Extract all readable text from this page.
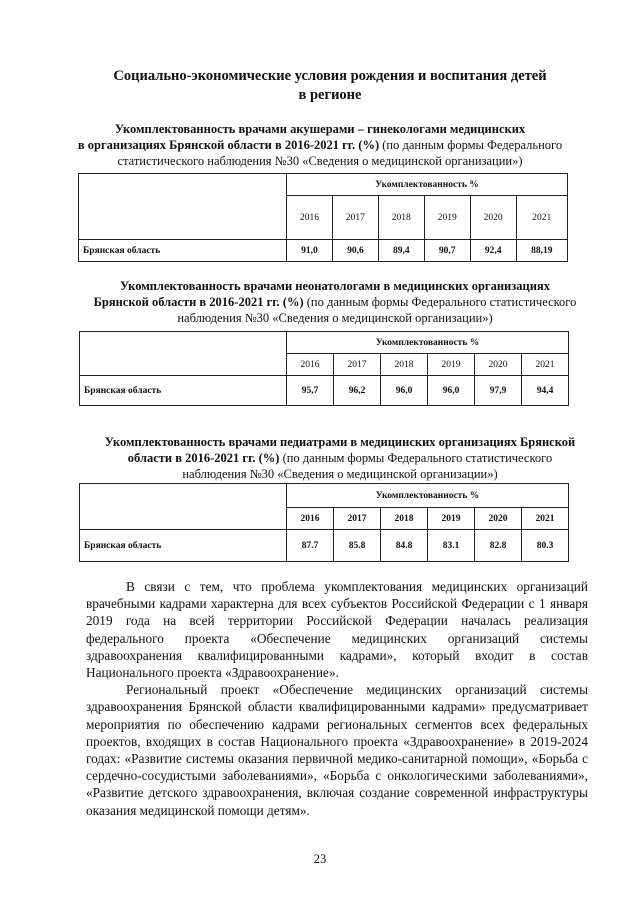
Социально-экономические условия рождения и воспитания детей
в регионе
Укомплектованность врачами акушерами – гинекологами медицинских
в организациях Брянской области в 2016-2021 гг. (%) (по данным формы Федерального
статистического наблюдения №30 «Сведения о медицинской организации»)
	Укомплектованность %					
	2016	2017	2018	2019	2020	2021
Брянская область	91,0	90,6	89,4	90,7	92,4	88,19
Укомплектованность врачами неонатологами в медицинских организациях
Брянской области в 2016-2021 гг. (%) (по данным формы Федерального статистического
наблюдения №30 «Сведения о медицинской организации»)
	Укомплектованность %					
	2016	2017	2018	2019	2020	2021
Брянская область	95,7	96,2	96,0	96,0	97,9	94,4
Укомплектованность врачами педиатрами в медицинских организациях Брянской
области в 2016-2021 гг. (%) (по данным формы Федерального статистического
наблюдения №30 «Сведения о медицинской организации»)
	Укомплектованность %					
	2016	2017	2018	2019	2020	2021
Брянская область	87.7	85.8	84.8	83.1	82.8	80.3

В связи с тем, что проблема укомплектования медицинских организаций врачебными кадрами характерна для всех субъектов Российской Федерации с 1 января 2019 года на всей территории Российской Федерации началась реализация федерального проекта «Обеспечение медицинских организаций системы здравоохранения квалифицированными кадрами», который входит в состав Национального проекта «Здравоохранение».

Региональный проект «Обеспечение медицинских организаций системы здравоохранения Брянской области квалифицированными кадрами» предусматривает мероприятия по обеспечению кадрами региональных сегментов всех федеральных проектов, входящих в состав Национального проекта «Здравоохранение» в 2019-2024 годах: «Развитие системы оказания первичной медико-санитарной помощи», «Борьба с сердечно-сосудистыми заболеваниями», «Борьба с онкологическими заболеваниями», «Развитие детского здравоохранения, включая создание современной инфраструктуры оказания медицинской помощи детям».

23
